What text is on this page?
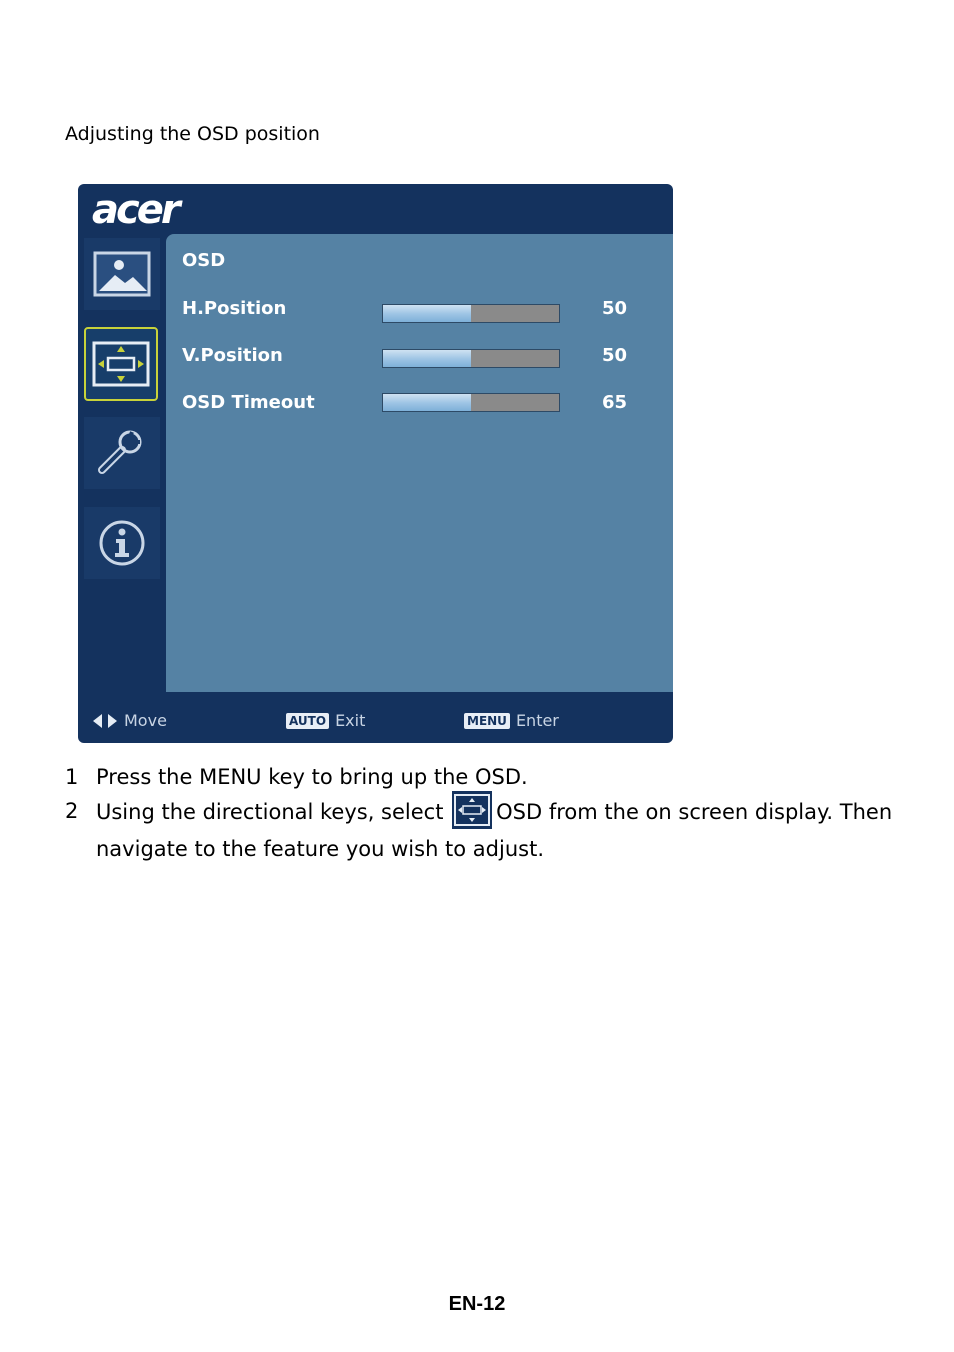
Adjusting the OSD position
acer
OSD
H.Position	50
V.Position	50
OSD Timeout	65
Move	AUTO Exit	MENU Enter
1 Press the MENU key to bring up the OSD.
2 Using the directional keys, select	OSD from the on screen display. Then navigate to the feature you wish to adjust.
EN-12
